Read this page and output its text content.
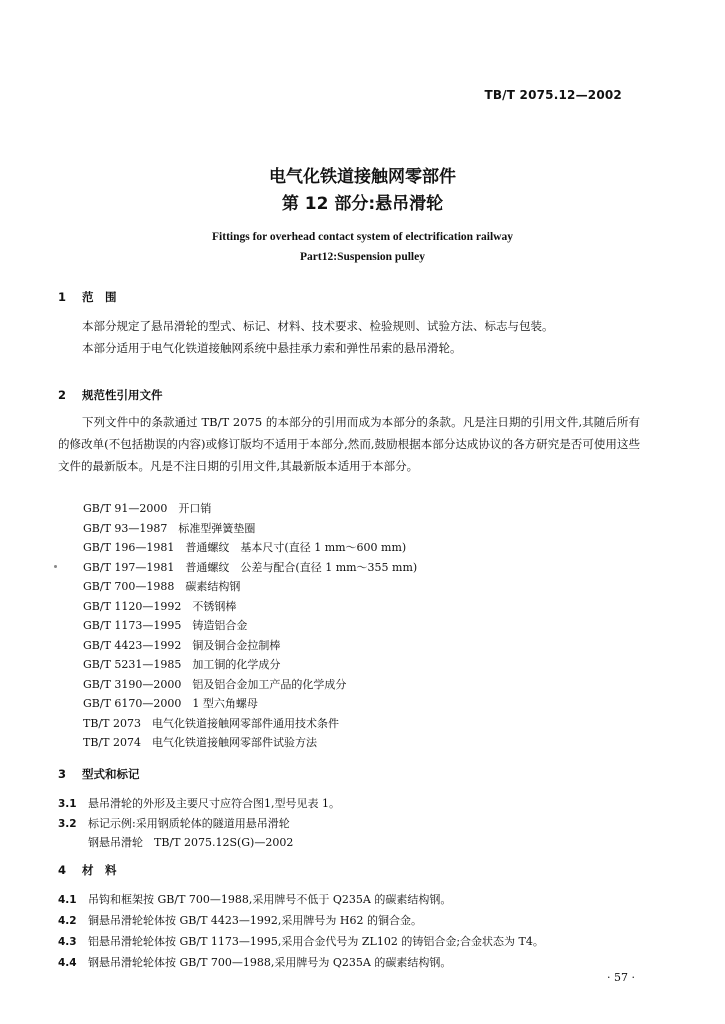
TB/T 2075.12—2002
电气化铁道接触网零部件
第 12 部分:悬吊滑轮
Fittings for overhead contact system of electrification railway
Part12:Suspension pulley
1 范　围

本部分规定了悬吊滑轮的型式、标记、材料、技术要求、检验规则、试验方法、标志与包装。

本部分适用于电气化铁道接触网系统中悬挂承力索和弹性吊索的悬吊滑轮。

2 规范性引用文件

下列文件中的条款通过 TB/T 2075 的本部分的引用而成为本部分的条款。凡是注日期的引用文件,其随后所有的修改单(不包括勘误的内容)或修订版均不适用于本部分,然而,鼓励根据本部分达成协议的各方研究是否可使用这些文件的最新版本。凡是不注日期的引用文件,其最新版本适用于本部分。

GB/T 91—2000　 开口销
GB/T 93—1987　 标准型弹簧垫圈
GB/T 196—1981　 普通螺纹　基本尺寸(直径 1 mm～600 mm)
GB/T 197—1981　 普通螺纹　公差与配合(直径 1 mm～355 mm)
GB/T 700—1988　 碳素结构钢
GB/T 1120—1992　 不锈钢棒
GB/T 1173—1995　 铸造铝合金
GB/T 4423—1992　 铜及铜合金拉制棒
GB/T 5231—1985　 加工铜的化学成分
GB/T 3190—2000　 铝及铝合金加工产品的化学成分
GB/T 6170—2000　 1 型六角螺母
TB/T 2073　 电气化铁道接触网零部件通用技术条件
TB/T 2074　 电气化铁道接触网零部件试验方法
3 型式和标记
3.1 悬吊滑轮的外形及主要尺寸应符合图1,型号见表 1。
3.2 标记示例:采用钢质轮体的隧道用悬吊滑轮
钢悬吊滑轮　TB/T 2075.12S(G)—2002
4 材　料
4.1 吊钩和框架按 GB/T 700—1988,采用牌号不低于 Q235A 的碳素结构钢。
4.2 铜悬吊滑轮轮体按 GB/T 4423—1992,采用牌号为 H62 的铜合金。
4.3 铝悬吊滑轮轮体按 GB/T 1173—1995,采用合金代号为 ZL102 的铸铝合金;合金状态为 T4。
4.4 钢悬吊滑轮轮体按 GB/T 700—1988,采用牌号为 Q235A 的碳素结构钢。
· 57 ·
